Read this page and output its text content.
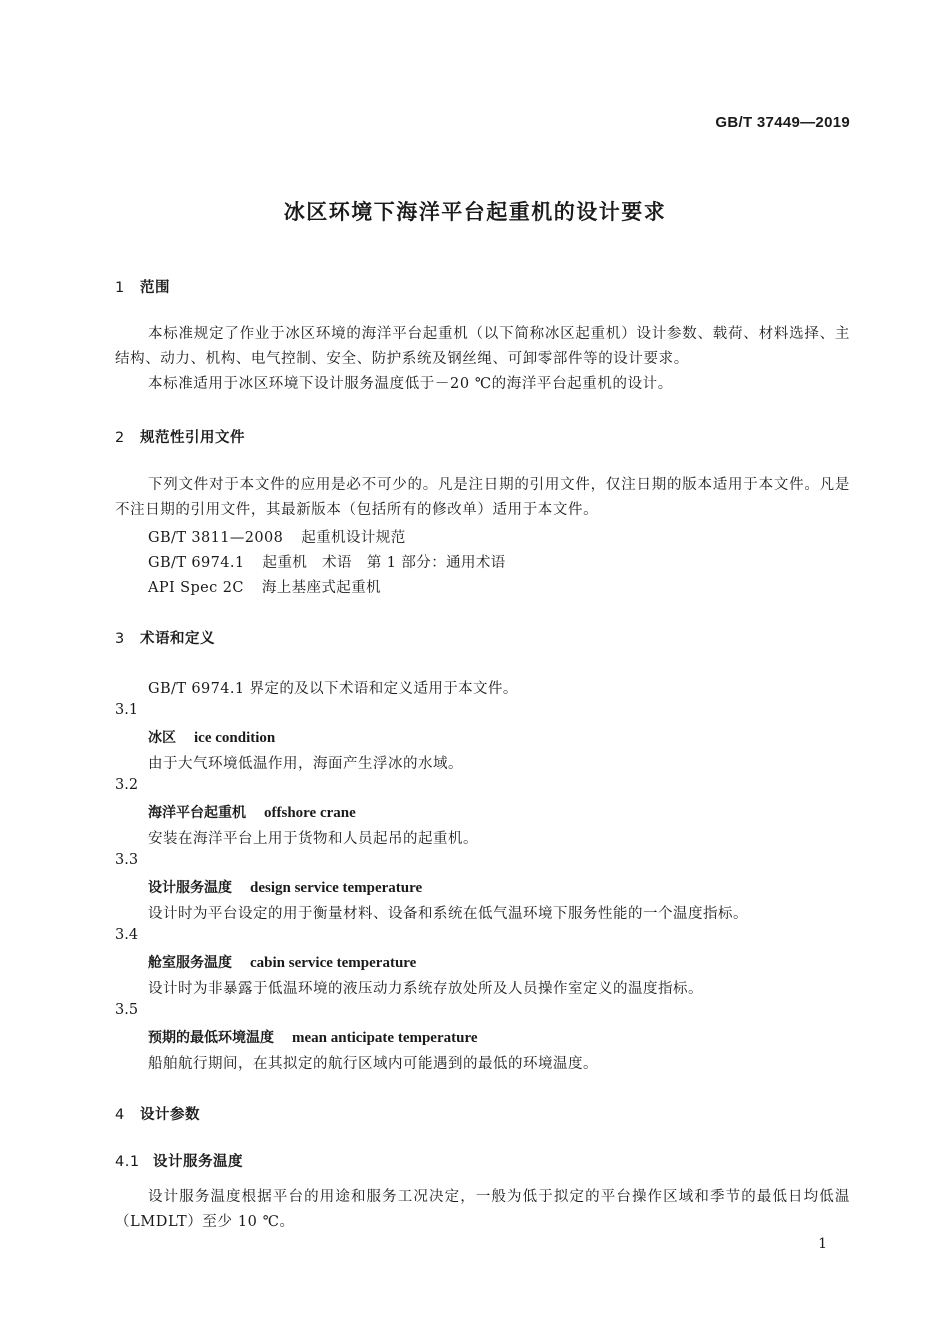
GB/T 37449—2019
冰区环境下海洋平台起重机的设计要求
1 范围
本标准规定了作业于冰区环境的海洋平台起重机（以下简称冰区起重机）设计参数、载荷、材料选择、主结构、动力、机构、电气控制、安全、防护系统及钢丝绳、可卸零部件等的设计要求。
本标准适用于冰区环境下设计服务温度低于－20 ℃的海洋平台起重机的设计。
2 规范性引用文件
下列文件对于本文件的应用是必不可少的。凡是注日期的引用文件，仅注日期的版本适用于本文件。凡是不注日期的引用文件，其最新版本（包括所有的修改单）适用于本文件。
GB/T 3811—2008 起重机设计规范
GB/T 6974.1 起重机　术语　第 1 部分：通用术语
API Spec 2C 海上基座式起重机
3 术语和定义
GB/T 6974.1 界定的及以下术语和定义适用于本文件。
3.1
冰区 ice condition
由于大气环境低温作用，海面产生浮冰的水域。
3.2
海洋平台起重机 offshore crane
安装在海洋平台上用于货物和人员起吊的起重机。
3.3
设计服务温度 design service temperature
设计时为平台设定的用于衡量材料、设备和系统在低气温环境下服务性能的一个温度指标。
3.4
舱室服务温度 cabin service temperature
设计时为非暴露于低温环境的液压动力系统存放处所及人员操作室定义的温度指标。
3.5
预期的最低环境温度 mean anticipate temperature
船舶航行期间，在其拟定的航行区域内可能遇到的最低的环境温度。
4 设计参数
4.1 设计服务温度
设计服务温度根据平台的用途和服务工况决定，一般为低于拟定的平台操作区域和季节的最低日均低温（LMDLT）至少 10 ℃。
1
